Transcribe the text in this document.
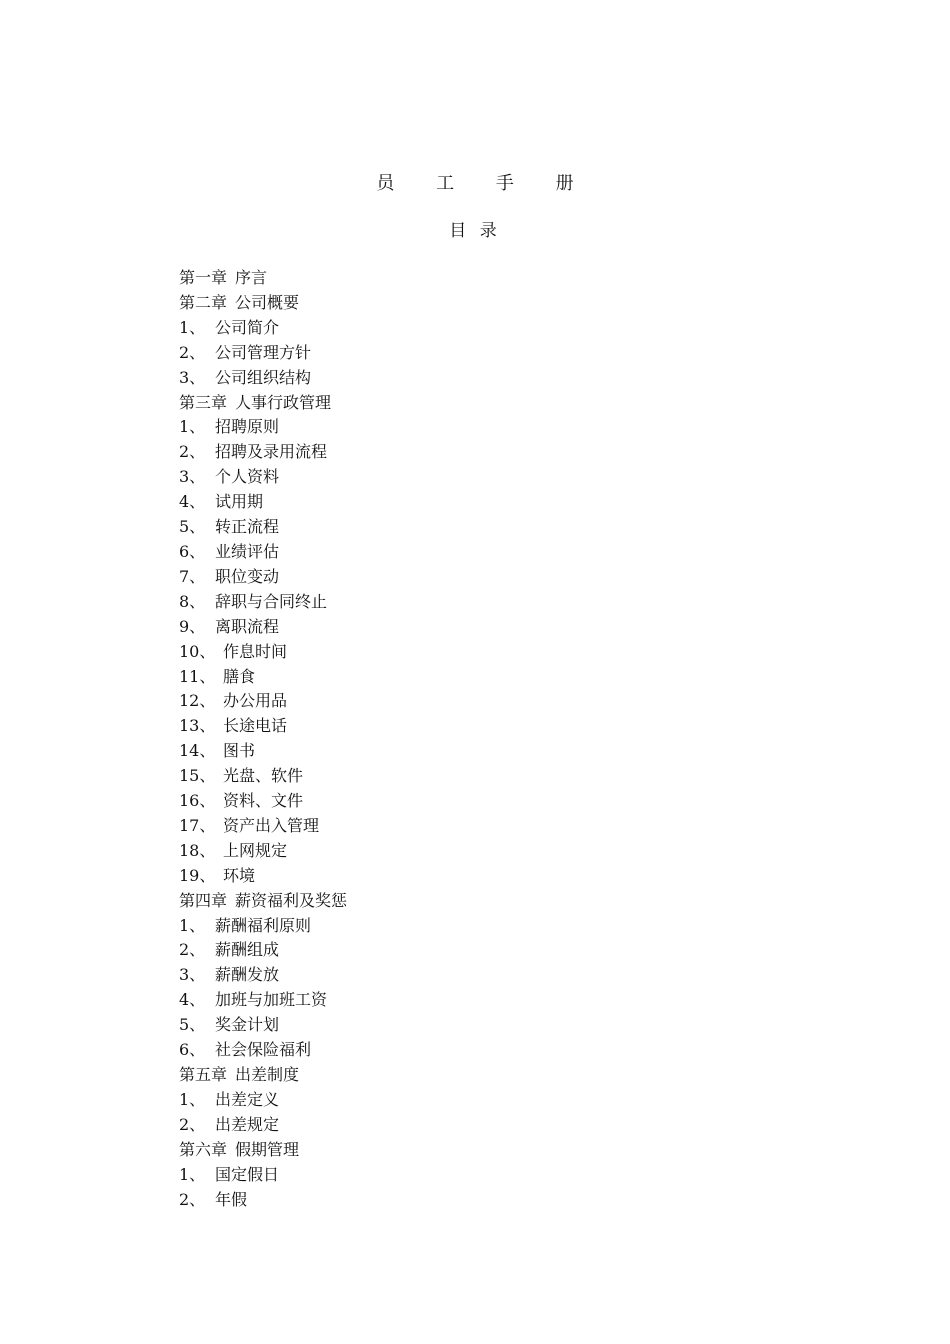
员 工 手 册
目 录
第一章 序言
第二章 公司概要
1、 公司简介
2、 公司管理方针
3、 公司组织结构
第三章 人事行政管理
1、 招聘原则
2、 招聘及录用流程
3、 个人资料
4、 试用期
5、 转正流程
6、 业绩评估
7、 职位变动
8、 辞职与合同终止
9、 离职流程
10、 作息时间
11、 膳食
12、 办公用品
13、 长途电话
14、 图书
15、 光盘、软件
16、 资料、文件
17、 资产出入管理
18、 上网规定
19、 环境
第四章 薪资福利及奖惩
1、 薪酬福利原则
2、 薪酬组成
3、 薪酬发放
4、 加班与加班工资
5、 奖金计划
6、 社会保险福利
第五章 出差制度
1、 出差定义
2、 出差规定
第六章 假期管理
1、 国定假日
2、 年假
